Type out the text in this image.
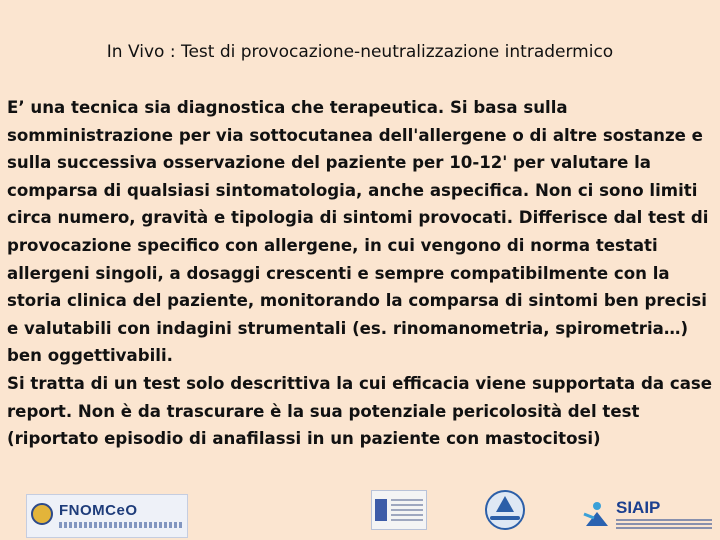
In Vivo : Test di provocazione-neutralizzazione intradermico

E’ una tecnica sia diagnostica che terapeutica. Si basa sulla somministrazione per via sottocutanea dell'allergene o di altre sostanze e sulla successiva osservazione del paziente per 10-12' per valutare la comparsa di qualsiasi sintomatologia, anche aspecifica. Non ci sono limiti circa numero, gravità e tipologia di sintomi provocati. Differisce dal test di provocazione specifico con allergene, in cui vengono di norma testati allergeni singoli, a dosaggi crescenti e sempre compatibilmente con la storia clinica del paziente, monitorando la comparsa di sintomi ben precisi e valutabili con indagini strumentali (es. rinomanometria, spirometria…) ben oggettivabili.

Si tratta di un test solo descrittiva la cui efficacia viene supportata da case report. Non è da trascurare è la sua potenziale pericolosità del test (riportato episodio di anafilassi in un paziente con mastocitosi)

FNOMCeO	SIAIP
